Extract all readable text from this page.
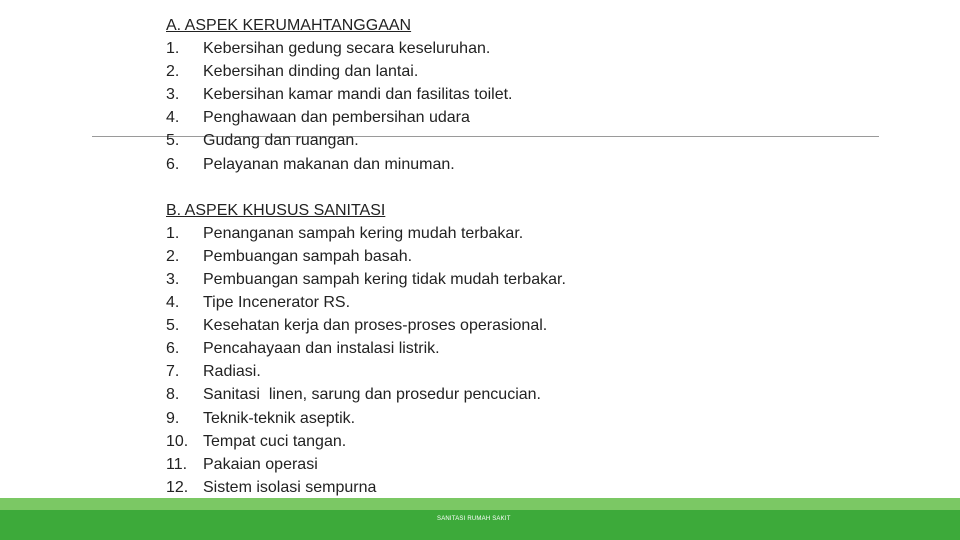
A. ASPEK KERUMAHTANGGAAN
1.	Kebersihan gedung secara keseluruhan.
2.	Kebersihan dinding dan lantai.
3.	Kebersihan kamar mandi dan fasilitas toilet.
4.	Penghawaan dan pembersihan udara
5.	Gudang dan ruangan.
6.	Pelayanan makanan dan minuman.
B. ASPEK KHUSUS SANITASI
1.	Penanganan sampah kering mudah terbakar.
2.	Pembuangan sampah basah.
3.	Pembuangan sampah kering tidak mudah terbakar.
4.	Tipe Incenerator RS.
5.	Kesehatan kerja dan proses-proses operasional.
6.	Pencahayaan dan instalasi listrik.
7.	Radiasi.
8.	Sanitasi  linen, sarung dan prosedur pencucian.
9.	Teknik-teknik aseptik.
10. Tempat cuci tangan.
11. Pakaian operasi
12. Sistem isolasi sempurna
SANITASI RUMAH SAKIT
